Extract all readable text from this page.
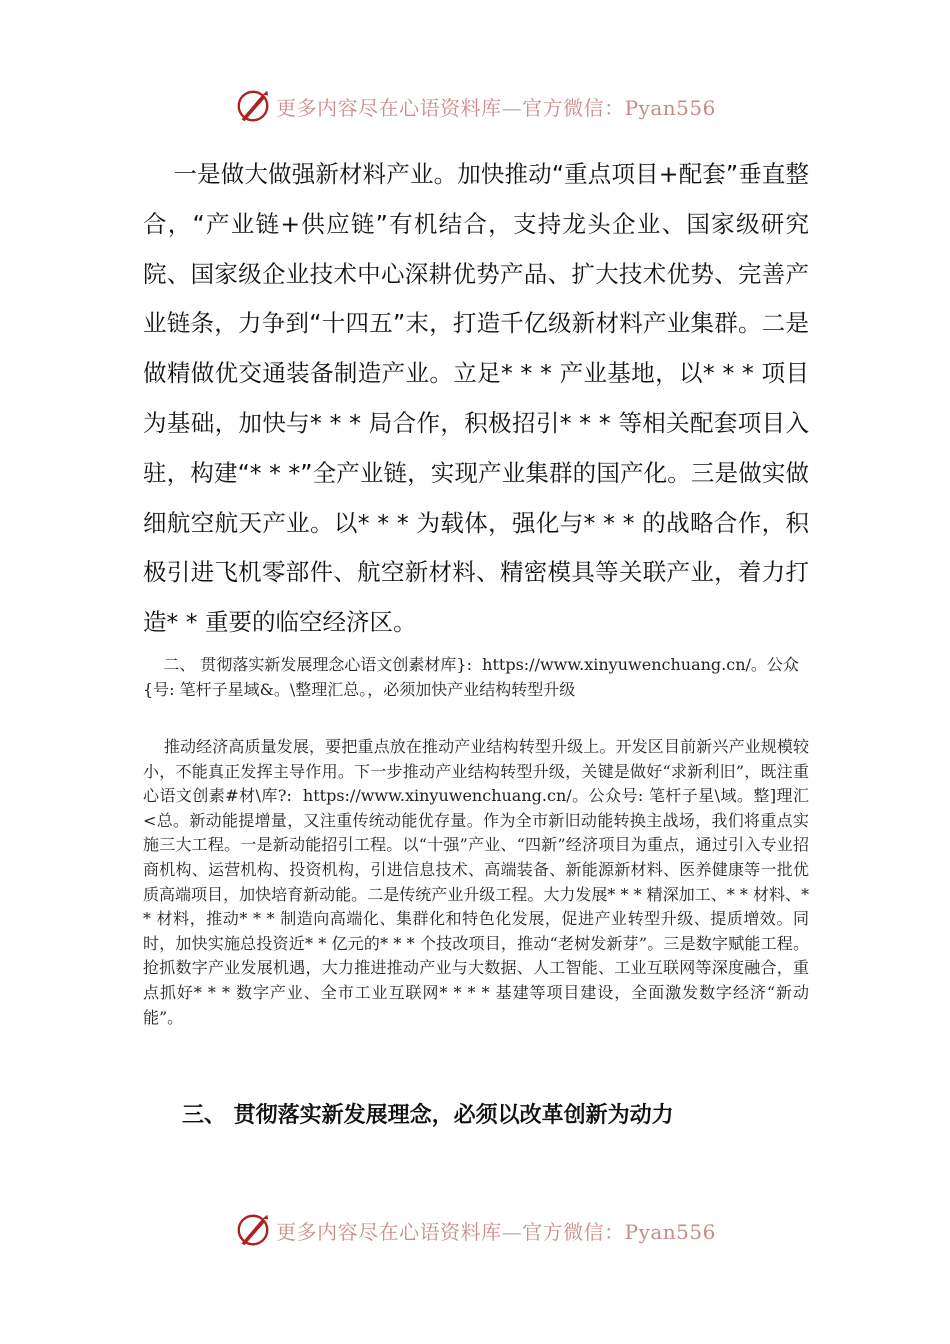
更多内容尽在心语资料库—官方微信：Pyan556

一是做大做强新材料产业。加快推动“重点项目+配套”垂直整合，“产业链+供应链”有机结合，支持龙头企业、国家级研究院、国家级企业技术中心深耕优势产品、扩大技术优势、完善产业链条，力争到“十四五”末，打造千亿级新材料产业集群。二是做精做优交通装备制造产业。立足* * * 产业基地，以* * * 项目为基础，加快与* * * 局合作，积极招引* * * 等相关配套项目入驻，构建“* * *”全产业链，实现产业集群的国产化。三是做实做细航空航天产业。以* * * 为载体，强化与* * * 的战略合作，积极引进飞机零部件、航空新材料、精密模具等关联产业，着力打造* * 重要的临空经济区。

二、 贯彻落实新发展理念心语文创素材库}:  https://www.xinyuwenchuang.cn/。公众{号: 笔杆子星域&。\整理汇总。，必须加快产业结构转型升级

推动经济高质量发展，要把重点放在推动产业结构转型升级上。开发区目前新兴产业规模较小，不能真正发挥主导作用。下一步推动产业结构转型升级，关键是做好“求新利旧”，既注重心语文创素#材\库?:  https://www.xinyuwenchuang.cn/。公众号: 笔杆子星\域。整]理汇<总。新动能提增量，又注重传统动能优存量。作为全市新旧动能转换主战场，我们将重点实施三大工程。一是新动能招引工程。以“十强”产业、“四新”经济项目为重点，通过引入专业招商机构、运营机构、投资机构，引进信息技术、高端装备、新能源新材料、医养健康等一批优质高端项目，加快培育新动能。二是传统产业升级工程。大力发展* * * 精深加工、* * 材料、* * 材料，推动* * * 制造向高端化、集群化和特色化发展，促进产业转型升级、提质增效。同时，加快实施总投资近* * 亿元的* * * 个技改项目，推动“老树发新芽”。三是数字赋能工程。抢抓数字产业发展机遇，大力推进推动产业与大数据、人工智能、工业互联网等深度融合，重点抓好* * * 数字产业、全市工业互联网* * * * 基建等项目建设，全面激发数字经济“新动能”。

三、 贯彻落实新发展理念，必须以改革创新为动力
更多内容尽在心语资料库—官方微信：Pyan556
